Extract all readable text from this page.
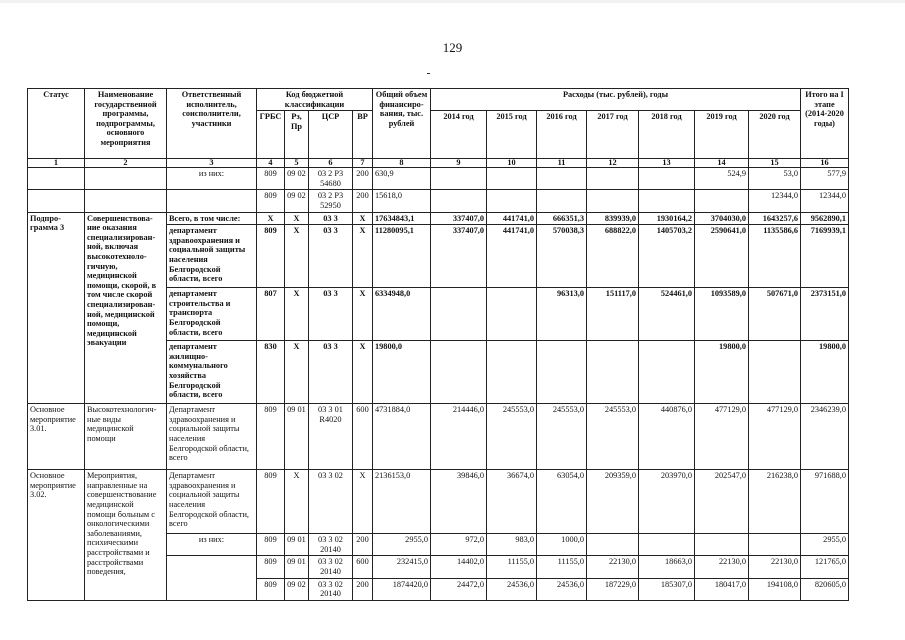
129
Статус	Наименование государственной программы, подпрограммы, основного мероприятия	Ответственный исполнитель, соисполнители, участники	Код бюджетной классификации				Общий объем финансиро-вания, тыс. рублей	Расходы (тыс. рублей), годы							Итого на I этапе (2014-2020 годы)
			ГРБС	Рз, Пр	ЦСР	ВР		2014 год	2015 год	2016 год	2017 год	2018 год	2019 год	2020 год	
1	2	3	4	5	6	7	8	9	10	11	12	13	14	15	16
		из них:	809	09 02	03 2 Р3 54680	200	630,9						524,9	53,0	577,9
			809	09 02	03 2 Р3 52950	200	15618,0							12344,0	12344,0
Подпро-грамма 3	Совершенствова-ние оказания специализирован-ной, включая высокотехноло-гичную, медицинской помощи, скорой, в том числе скорой специализирован-ной, медицинской помощи, медицинской эвакуации	Всего, в том числе:	Х	Х	03 3	Х	17634843,1	337407,0	441741,0	666351,3	839939,0	1930164,2	3704030,0	1643257,6	9562890,1
		департамент здравоохранения и социальной защиты населения Белгородской области, всего	809	Х	03 3	Х	11280095,1	337407,0	441741,0	570038,3	688822,0	1405703,2	2590641,0	1135586,6	7169939,1
		департамент строительства и транспорта Белгородской области, всего	807	Х	03 3	Х	6334948,0			96313,0	151117,0	524461,0	1093589,0	507671,0	2373151,0
		департамент жилищно-коммунального хозяйства Белгородской области, всего	830	Х	03 3	Х	19800,0						19800,0		19800,0
Основное мероприятие 3.01.	Высокотехнологич-ные виды медицинской помощи	Департамент здравоохранения и социальной защиты населения Белгородской области, всего	809	09 01	03 3 01 R4020	600	4731884,0	214446,0	245553,0	245553,0	245553,0	440876,0	477129,0	477129,0	2346239,0
Основное мероприятие 3.02.	Мероприятия, направленные на совершенствование медицинской помощи больным с онкологическими заболеваниями, психическими расстройствами и расстройствами поведения,	Департамент здравоохранения и социальной защиты населения Белгородской области, всего	809	Х	03 3 02	Х	2136153,0	39846,0	36674,0	63054,0	209359,0	203970,0	202547,0	216238,0	971688,0
		из них:	809	09 01	03 3 02 20140	200	2955,0	972,0	983,0	1000,0					2955,0
			809	09 01	03 3 02 20140	600	232415,0	14402,0	11155,0	11155,0	22130,0	18663,0	22130,0	22130,0	121765,0
			809	09 02	03 3 02 20140	200	1874420,0	24472,0	24536,0	24536,0	187229,0	185307,0	180417,0	194108,0	820605,0
